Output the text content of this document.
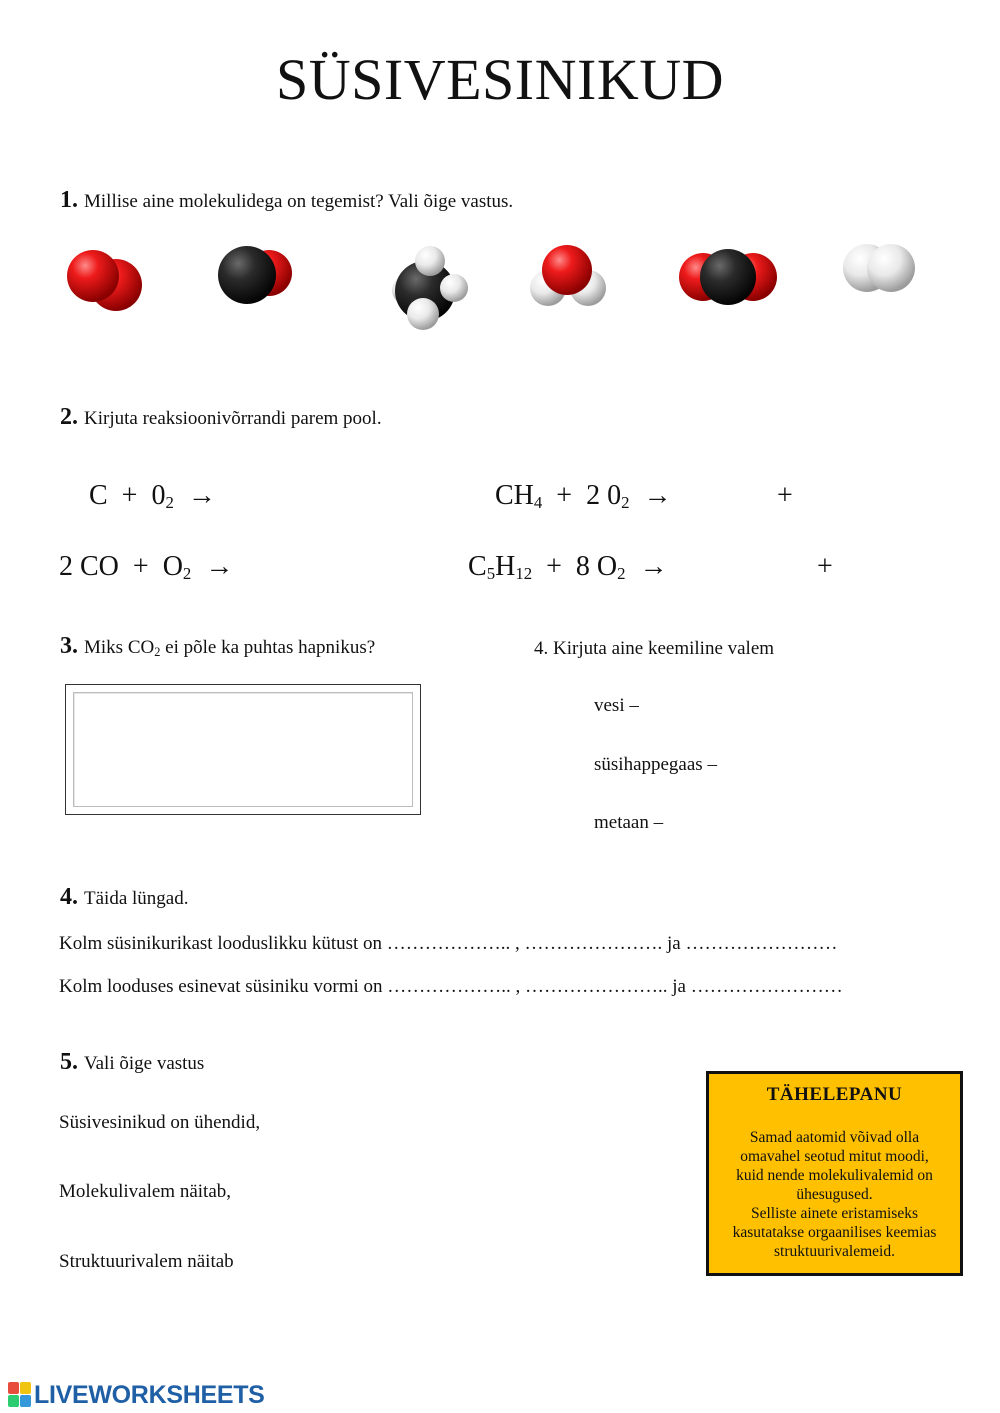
SÜSIVESINIKUD
1. Millise aine molekulidega on tegemist? Vali õige vastus.
2. Kirjuta reaksioonivõrrandi parem pool.
$C + 0_2$  →	$CH_4 + 2$ $0_2$  →	+
2 CO  +  $O_2$  →	$C_5H_{12} + 8$ $O_2$  →	+
3. Miks $CO_2$ ei põle ka puhtas hapnikus?	4. Kirjuta aine keemiline valem
vesi –
süsihappegaas –
metaan –
4. Täida lüngad.
Kolm süsinikurikast looduslikku kütust on ……………….. , …………………. ja ……………………
Kolm looduses esinevat süsiniku vormi on ……………….. , ………………….. ja ……………………
5. Vali õige vastus
Süsivesinikud on ühendid,
Molekulivalem näitab,
Struktuurivalem näitab
TÄHELEPANU
Samad aatomid võivad olla
omavahel seotud mitut moodi,
kuid nende molekulivalemid on
ühesugused.
Selliste ainete eristamiseks
kasutatakse orgaanilises keemias
struktuurivalemeid.
LIVEWORKSHEETS
